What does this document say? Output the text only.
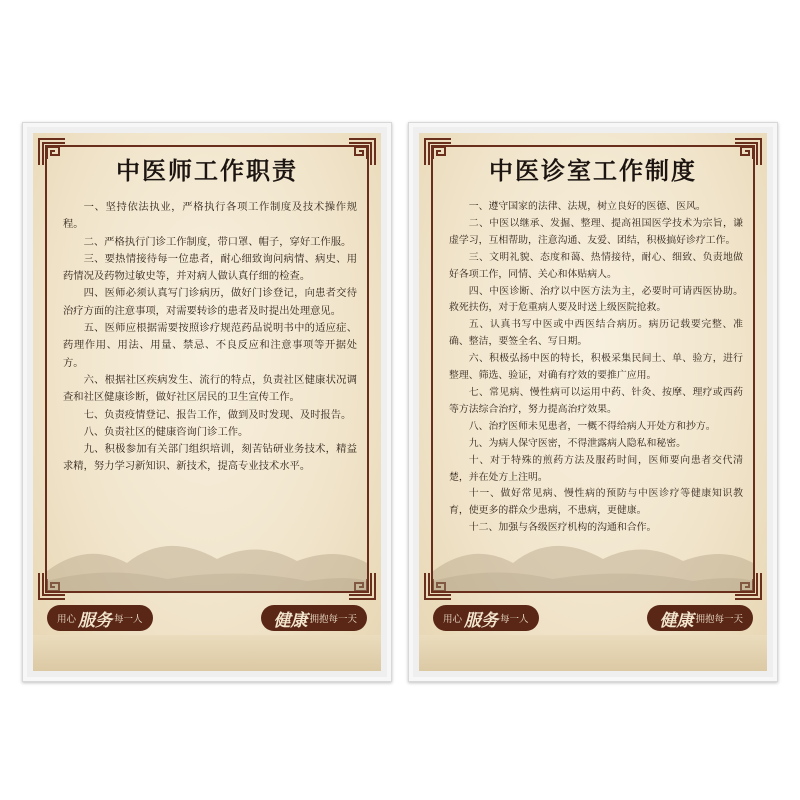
中医师工作职责

一、坚持依法执业，严格执行各项工作制度及技术操作规程。

二、严格执行门诊工作制度，带口罩、帽子，穿好工作服。

三、要热情接待每一位患者，耐心细致询问病情、病史、用药情况及药物过敏史等，并对病人做认真仔细的检查。

四、医师必须认真写门诊病历，做好门诊登记，向患者交待治疗方面的注意事项，对需要转诊的患者及时提出处理意见。

五、医师应根据需要按照诊疗规范药品说明书中的适应症、药理作用、用法、用量、禁忌、不良反应和注意事项等开据处方。

六、根据社区疾病发生、流行的特点，负责社区健康状况调查和社区健康诊断，做好社区居民的卫生宣传工作。

七、负责疫情登记、报告工作，做到及时发现、及时报告。

八、负责社区的健康咨询门诊工作。

九、积极参加有关部门组织培训，刻苦钻研业务技术，精益求精，努力学习新知识、新技术，提高专业技术水平。

用心 服务 每一人	健康 拥抱每一天
中医诊室工作制度

一、遵守国家的法律、法规，树立良好的医德、医风。

二、中医以继承、发掘、整理、提高祖国医学技术为宗旨，谦虚学习，互相帮助，注意沟通、友爱、团结，积极搞好诊疗工作。

三、文明礼貌、态度和蔼、热情接待，耐心、细致、负责地做好各项工作，同情、关心和体贴病人。

四、中医诊断、治疗以中医方法为主，必要时可请西医协助。救死扶伤，对于危重病人要及时送上级医院抢救。

五、认真书写中医或中西医结合病历。病历记载要完整、准确、整洁，要签全名、写日期。

六、积极弘扬中医的特长，积极采集民间土、单、验方，进行整理、筛选、验证，对确有疗效的要推广应用。

七、常见病、慢性病可以运用中药、针灸、按摩、理疗或西药等方法综合治疗，努力提高治疗效果。

八、治疗医师未见患者，一概不得给病人开处方和抄方。

九、为病人保守医密，不得泄露病人隐私和秘密。

十、对于特殊的煎药方法及服药时间，医师要向患者交代清楚，并在处方上注明。

十一、做好常见病、慢性病的预防与中医诊疗等健康知识教育，使更多的群众少患病，不患病，更健康。

十二、加强与各级医疗机构的沟通和合作。

用心 服务 每一人	健康 拥抱每一天
